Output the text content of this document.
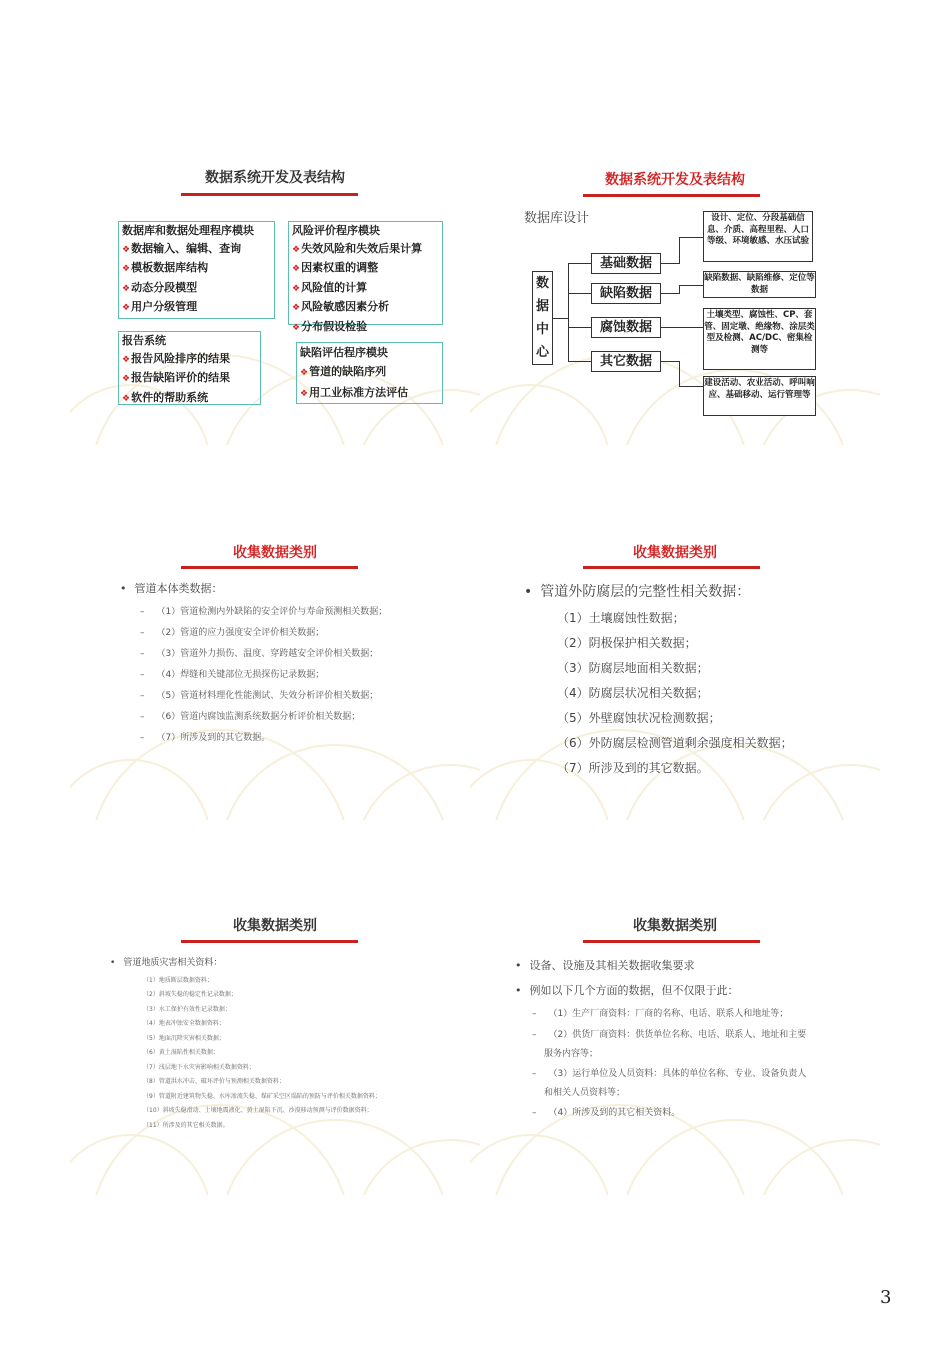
数据系统开发及表结构
数据库和数据处理程序模块
❖ 数据输入、编辑、查询
❖ 模板数据库结构
❖ 动态分段模型
❖ 用户分级管理
风险评价程序模块
❖ 失效风险和失效后果计算
❖ 因素权重的调整
❖ 风险值的计算
❖ 风险敏感因素分析
❖ 分布假设检验
报告系统
❖ 报告风险排序的结果
❖ 报告缺陷评价的结果
❖ 软件的帮助系统
缺陷评估程序模块
❖ 管道的缺陷序列
❖ 用工业标准方法评估
数据系统开发及表结构
数据库设计
数
据
中
心
基础数据
缺陷数据
腐蚀数据
其它数据
设计、定位、分段基础信息、介质、高程里程、人口等级、环境敏感、水压试验
缺陷数据、缺陷维修、定位等数据
土壤类型、腐蚀性、CP、套管、固定墩、绝缘物、涂层类型及检测、AC/DC、密集检测等
建设活动、农业活动、呼叫响应、基础移动、运行管理等
收集数据类别
• 管道本体类数据：
– （1）管道检测内外缺陷的安全评价与寿命预测相关数据；
– （2）管道的应力强度安全评价相关数据；
– （3）管道外力损伤、温度、穿跨越安全评价相关数据；
– （4）焊缝和关键部位无损探伤记录数据；
– （5）管道材料理化性能测试、失效分析评价相关数据；
– （6）管道内腐蚀监测系统数据分析评价相关数据；
– （7）所涉及到的其它数据。
收集数据类别
• 管道外防腐层的完整性相关数据：
（1）土壤腐蚀性数据；
（2）阴极保护相关数据；
（3）防腐层地面相关数据；
（4）防腐层状况相关数据；
（5）外壁腐蚀状况检测数据；
（6）外防腐层检测管道剩余强度相关数据；
（7）所涉及到的其它数据。
收集数据类别
• 管道地质灾害相关资料：
（1）地质断层数据资料；
（2）斜坡失稳的稳定性记录数据；
（3）水工保护有效性记录数据；
（4）地表冲蚀安全数据资料；
（5）地面沉降灾害相关数据；
（6）黄土湿陷性相关数据；
（7）浅层地下水灾害影响相关数据资料；
（8）管道洪水冲击、破坏评价与预测相关数据资料；
（9）管道附近建筑物失稳、水库渗流失稳、煤矿采空区塌陷的预防与评价相关数据资料；
（10）斜坡失稳滑动、土壤地震液化、黄土湿陷下沉、沙漠移动预测与评价数据资料；
（11）所涉及的其它相关数据。
收集数据类别
• 设备、设施及其相关数据收集要求
• 例如以下几个方面的数据，但不仅限于此：
– （1）生产厂商资料：厂商的名称、电话、联系人和地址等；
– （2）供货厂商资料：供货单位名称、电话、联系人、地址和主要
服务内容等；
– （3）运行单位及人员资料：具体的单位名称、专业、设备负责人
和相关人员资料等；
– （4）所涉及到的其它相关资料。
3
